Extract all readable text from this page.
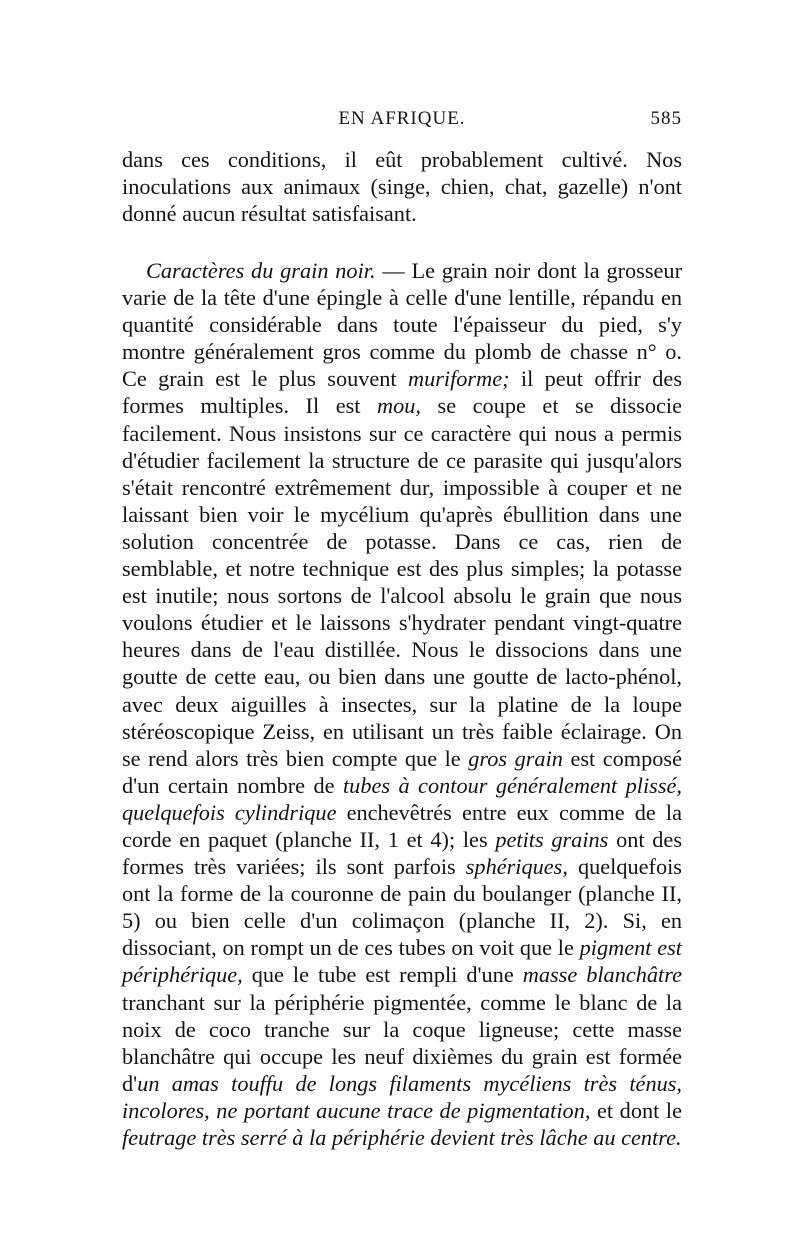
EN AFRIQUE.	585

dans ces conditions, il eût probablement cultivé. Nos inoculations aux animaux (singe, chien, chat, gazelle) n'ont donné aucun résultat satisfaisant.

Caractères du grain noir. — Le grain noir dont la grosseur varie de la tête d'une épingle à celle d'une lentille, répandu en quantité considérable dans toute l'épaisseur du pied, s'y montre généralement gros comme du plomb de chasse n° o. Ce grain est le plus souvent muriforme; il peut offrir des formes multiples. Il est mou, se coupe et se dissocie facilement. Nous insistons sur ce caractère qui nous a permis d'étudier facilement la structure de ce parasite qui jusqu'alors s'était rencontré extrêmement dur, impossible à couper et ne laissant bien voir le mycélium qu'après ébullition dans une solution concentrée de potasse. Dans ce cas, rien de semblable, et notre technique est des plus simples; la potasse est inutile; nous sortons de l'alcool absolu le grain que nous voulons étudier et le laissons s'hydrater pendant vingt-quatre heures dans de l'eau distillée. Nous le dissocions dans une goutte de cette eau, ou bien dans une goutte de lacto-phénol, avec deux aiguilles à insectes, sur la platine de la loupe stéréoscopique Zeiss, en utilisant un très faible éclairage. On se rend alors très bien compte que le gros grain est composé d'un certain nombre de tubes à contour généralement plissé, quelquefois cylindrique enchevêtrés entre eux comme de la corde en paquet (planche II, 1 et 4); les petits grains ont des formes très variées; ils sont parfois sphériques, quelquefois ont la forme de la couronne de pain du boulanger (planche II, 5) ou bien celle d'un colimaçon (planche II, 2). Si, en dissociant, on rompt un de ces tubes on voit que le pigment est périphérique, que le tube est rempli d'une masse blanchâtre tranchant sur la périphérie pigmentée, comme le blanc de la noix de coco tranche sur la coque ligneuse; cette masse blanchâtre qui occupe les neuf dixièmes du grain est formée d'un amas touffu de longs filaments mycéliens très ténus, incolores, ne portant aucune trace de pigmentation, et dont le feutrage très serré à la périphérie devient très lâche au centre.
